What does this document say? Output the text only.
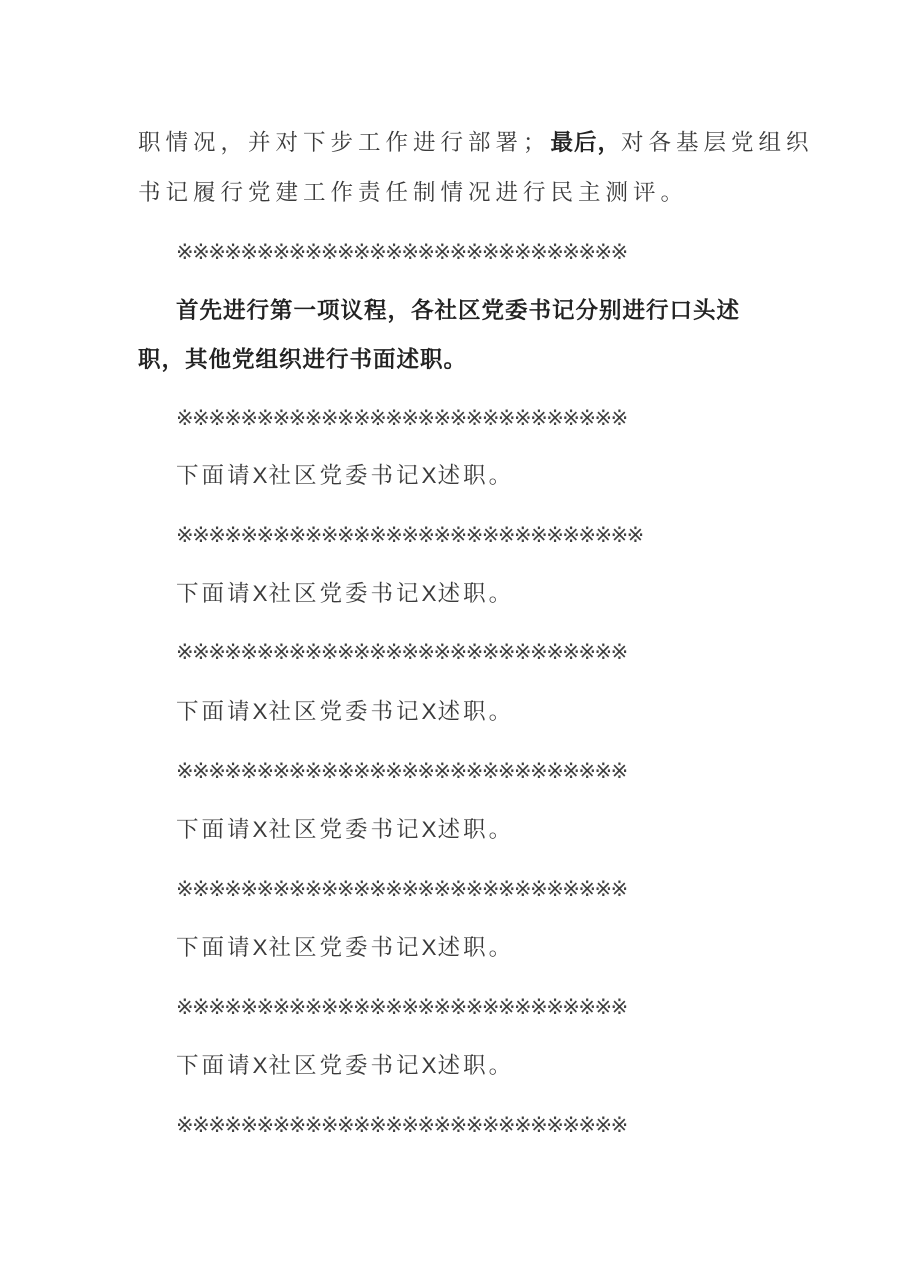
职情况，并对下步工作进行部署；最后，对各基层党组织
书记履行党建工作责任制情况进行民主测评。
※※※※※※※※※※※※※※※※※※※※※※※※※※※※
首先进行第一项议程，各社区党委书记分别进行口头述
职，其他党组织进行书面述职。
※※※※※※※※※※※※※※※※※※※※※※※※※※※※
下面请X社区党委书记X述职。
※※※※※※※※※※※※※※※※※※※※※※※※※※※※※
下面请X社区党委书记X述职。
※※※※※※※※※※※※※※※※※※※※※※※※※※※※
下面请X社区党委书记X述职。
※※※※※※※※※※※※※※※※※※※※※※※※※※※※
下面请X社区党委书记X述职。
※※※※※※※※※※※※※※※※※※※※※※※※※※※※
下面请X社区党委书记X述职。
※※※※※※※※※※※※※※※※※※※※※※※※※※※※
下面请X社区党委书记X述职。
※※※※※※※※※※※※※※※※※※※※※※※※※※※※
